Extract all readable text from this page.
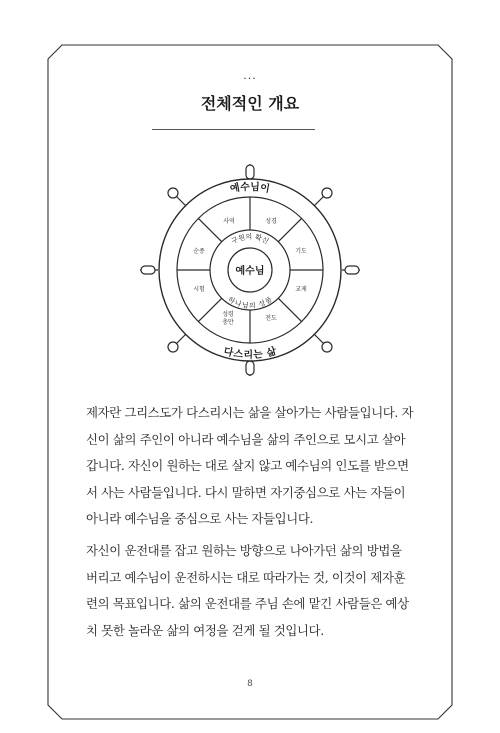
···
전체적인 개요
예수님이
다스리는 삶
구원의 확신
하나님의 성품
예수님
사역	성경
기도
교제
전도
성령 충만
시험
순종

제자란 그리스도가 다스리시는 삶을 살아가는 사람들입니다. 자신이 삶의 주인이 아니라 예수님을 삶의 주인으로 모시고 살아갑니다. 자신이 원하는 대로 살지 않고 예수님의 인도를 받으면서 사는 사람들입니다. 다시 말하면 자기중심으로 사는 자들이 아니라 예수님을 중심으로 사는 자들입니다.

자신이 운전대를 잡고 원하는 방향으로 나아가던 삶의 방법을 버리고 예수님이 운전하시는 대로 따라가는 것, 이것이 제자훈련의 목표입니다. 삶의 운전대를 주님 손에 맡긴 사람들은 예상치 못한 놀라운 삶의 여정을 걷게 될 것입니다.

8
